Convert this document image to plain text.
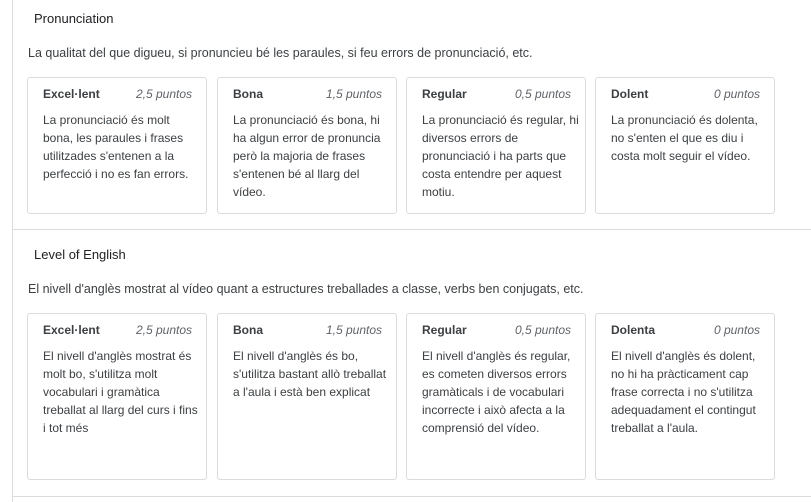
Pronunciation
La qualitat del que digueu, si pronuncieu bé les paraules, si feu errors de pronunciació, etc.
Excel·lent	2,5 puntos
La pronunciació és molt bona, les paraules i frases utilitzades s'entenen a la perfecció i no es fan errors.
Bona	1,5 puntos
La pronunciació és bona, hi ha algun error de pronuncia però la majoria de frases s'entenen bé al llarg del vídeo.
Regular	0,5 puntos
La pronunciació és regular, hi diversos errors de pronunciació i ha parts que costa entendre per aquest motiu.
Dolent	0 puntos
La pronunciació és dolenta, no s'enten el que es diu i costa molt seguir el vídeo.
Level of English
El nivell d'anglès mostrat al vídeo quant a estructures treballades a classe, verbs ben conjugats, etc.
Excel·lent	2,5 puntos
El nivell d'anglès mostrat és molt bo, s'utilitza molt vocabulari i gramàtica treballat al llarg del curs i fins i tot més
Bona	1,5 puntos
El nivell d'anglès és bo, s'utilitza bastant allò treballat a l'aula i està ben explicat
Regular	0,5 puntos
El nivell d'anglès és regular, es cometen diversos errors gramàticals i de vocabulari incorrecte i això afecta a la comprensió del vídeo.
Dolenta	0 puntos
El nivell d'anglès és dolent, no hi ha pràcticament cap frase correcta i no s'utilitza adequadament el contingut treballat a l'aula.
